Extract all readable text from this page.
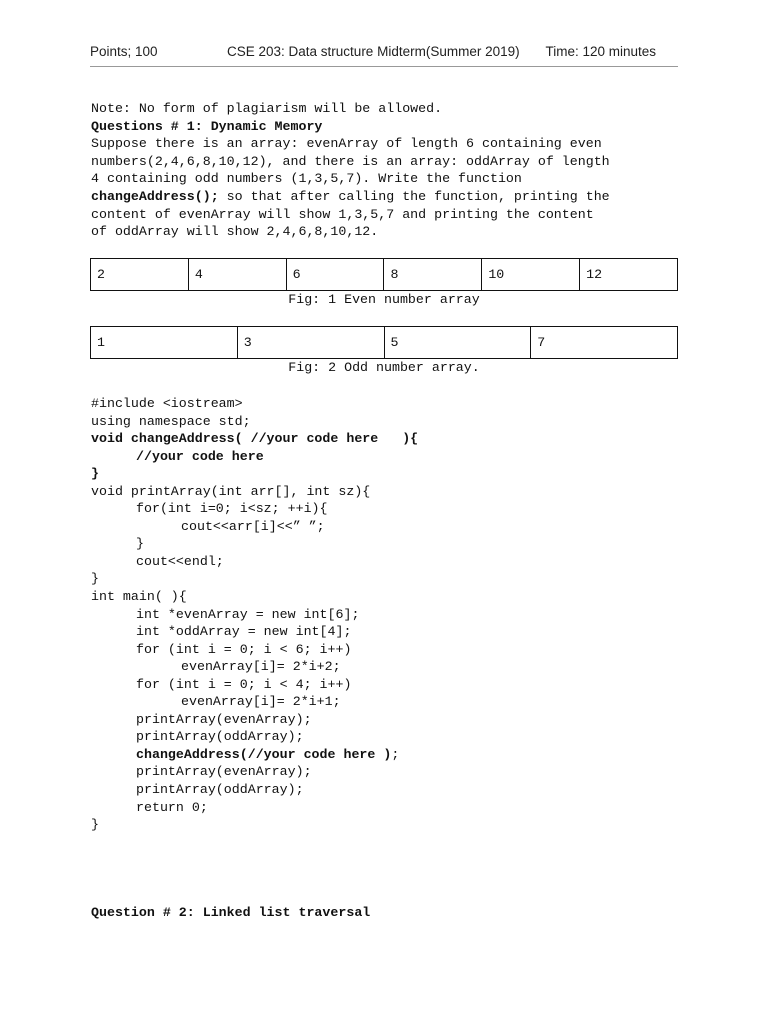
Points; 100	CSE 203: Data structure Midterm(Summer 2019) Time: 120 minutes
Note: No form of plagiarism will be allowed.
Questions # 1: Dynamic Memory
Suppose there is an array: evenArray of length 6 containing even
numbers(2,4,6,8,10,12), and there is an array: oddArray of length
4 containing odd numbers (1,3,5,7). Write the function
changeAddress(); so that after calling the function, printing the
content of evenArray will show 1,3,5,7 and printing the content
of oddArray will show 2,4,6,8,10,12.
2	4	6	8	10	12
Fig: 1 Even number array
1	3	5	7
Fig: 2 Odd number array.
#include <iostream>
using namespace std;
void changeAddress( //your code here   ){
//your code here
}
void printArray(int arr[], int sz){
for(int i=0; i<sz; ++i){
cout<<arr[i]<<” ”;
}
cout<<endl;
}
int main( ){
int *evenArray = new int[6];
int *oddArray = new int[4];
for (int i = 0; i < 6; i++)
evenArray[i]= 2*i+2;
for (int i = 0; i < 4; i++)
evenArray[i]= 2*i+1;
printArray(evenArray);
printArray(oddArray);
changeAddress(//your code here );
printArray(evenArray);
printArray(oddArray);
return 0;
}
Question # 2: Linked list traversal
